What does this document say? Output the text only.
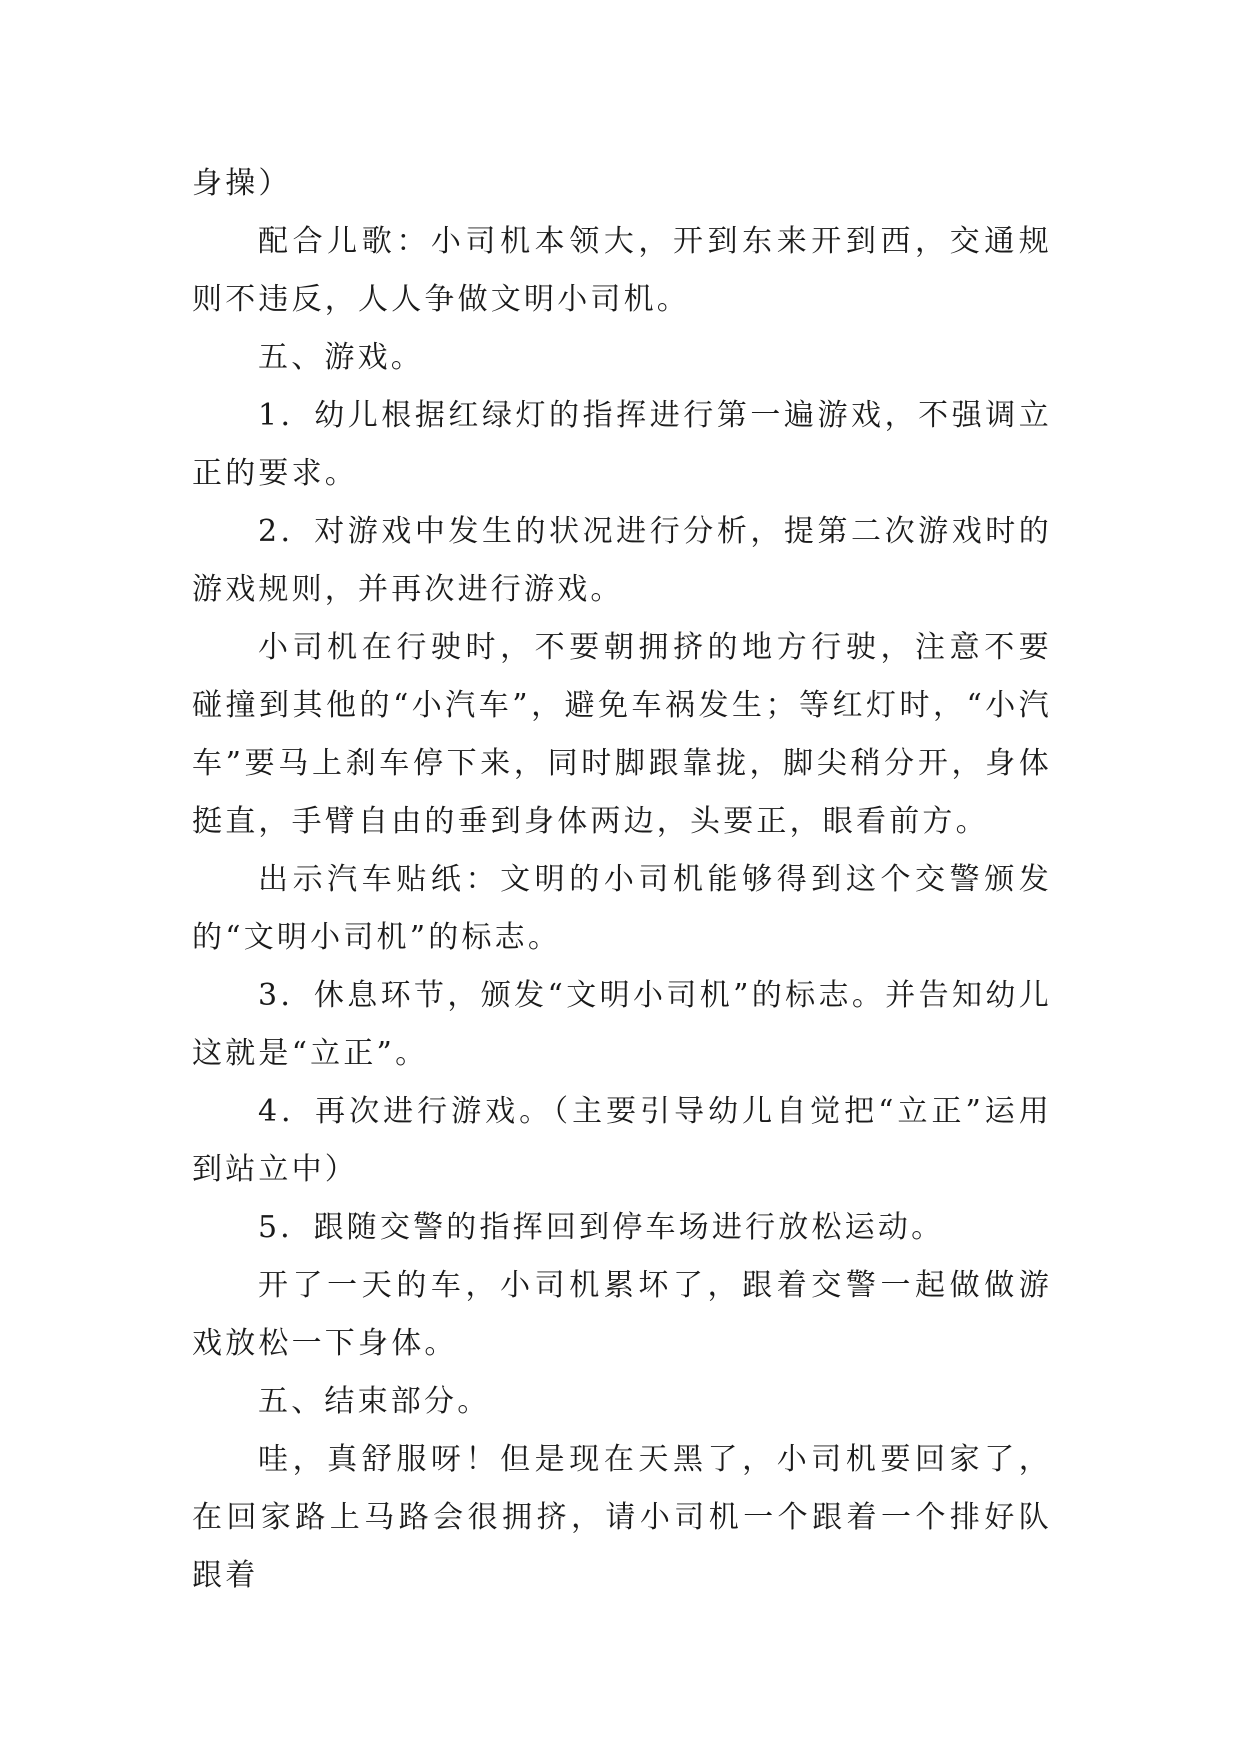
身操）

配合儿歌：小司机本领大，开到东来开到西，交通规则不违反，人人争做文明小司机。

五、游戏。

1．幼儿根据红绿灯的指挥进行第一遍游戏，不强调立正的要求。

2．对游戏中发生的状况进行分析，提第二次游戏时的游戏规则，并再次进行游戏。

小司机在行驶时，不要朝拥挤的地方行驶，注意不要碰撞到其他的“小汽车”，避免车祸发生；等红灯时，“小汽车”要马上刹车停下来，同时脚跟靠拢，脚尖稍分开，身体挺直，手臂自由的垂到身体两边，头要正，眼看前方。

出示汽车贴纸：文明的小司机能够得到这个交警颁发的“文明小司机”的标志。

3．休息环节，颁发“文明小司机”的标志。并告知幼儿这就是“立正”。

4．再次进行游戏。（主要引导幼儿自觉把“立正”运用到站立中）

5．跟随交警的指挥回到停车场进行放松运动。

开了一天的车，小司机累坏了，跟着交警一起做做游戏放松一下身体。

五、结束部分。

哇，真舒服呀！但是现在天黑了，小司机要回家了，在回家路上马路会很拥挤，请小司机一个跟着一个排好队跟着
